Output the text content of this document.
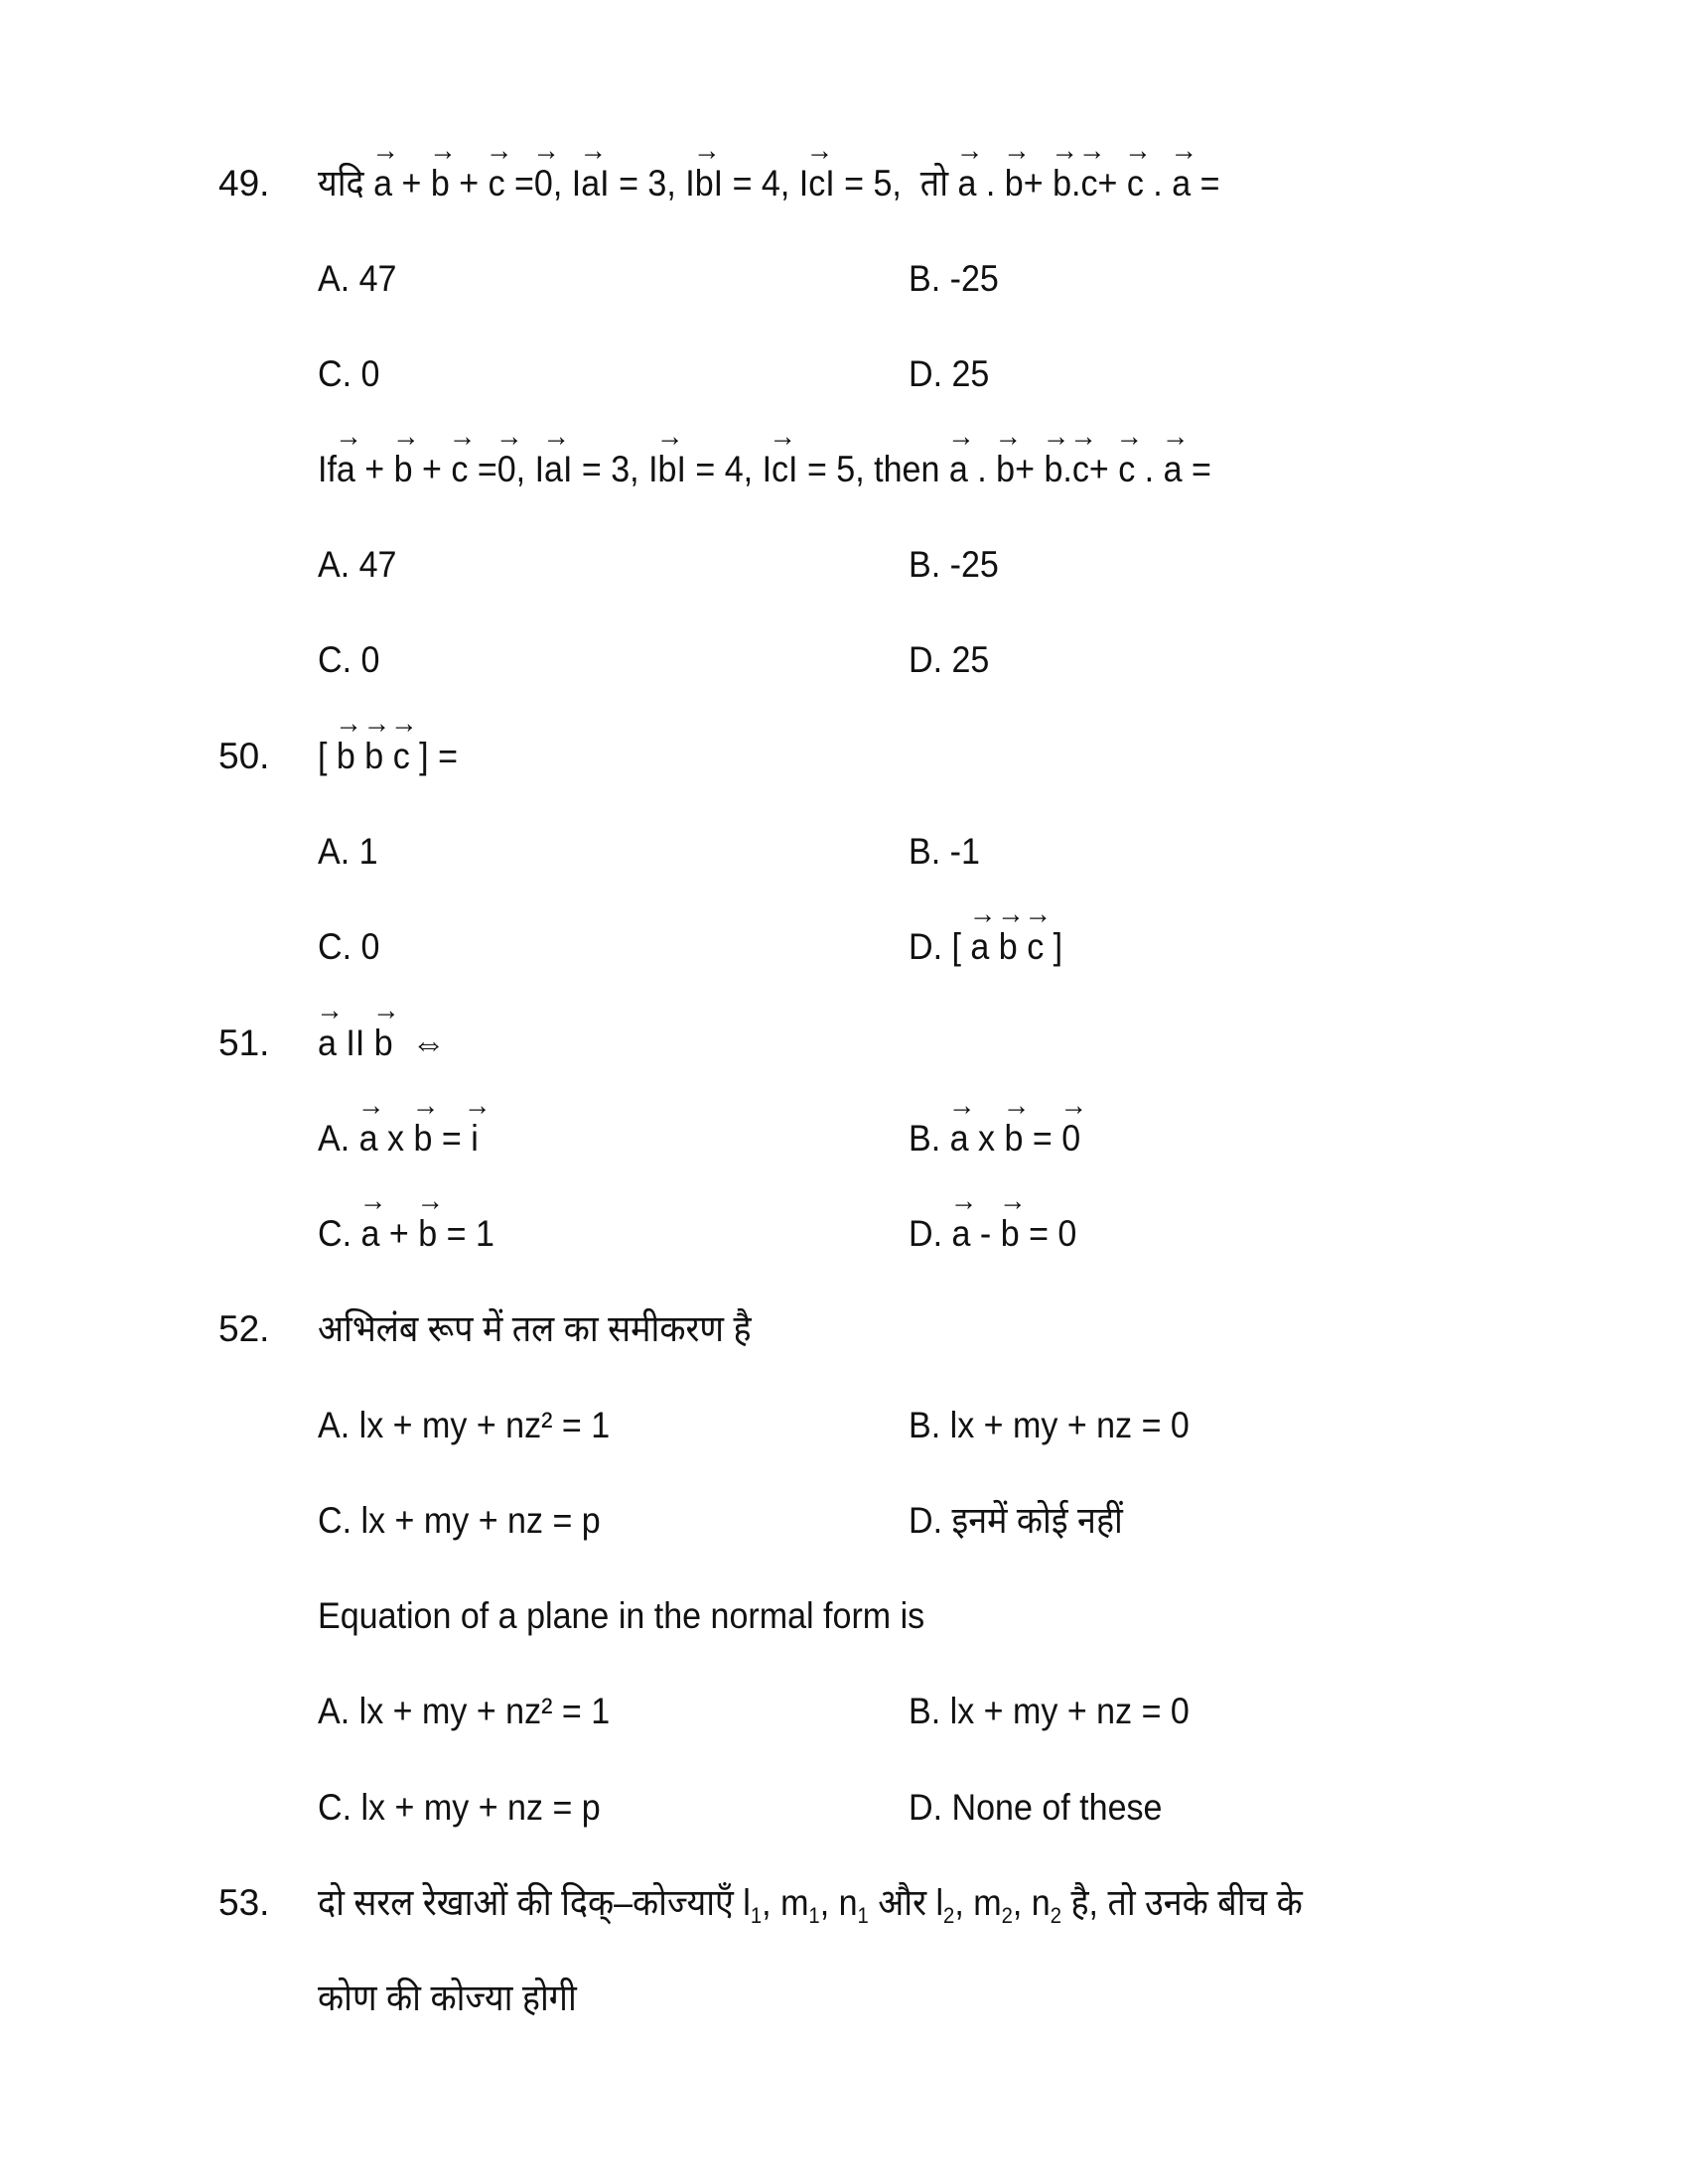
49. यदि → a + → b + → c =→ 0, I→ aI = 3, I→ bI = 4, I→ cI = 5, तो → a . → b+ → b.→ c+ → c . → a =
A. 47	B. -25
C. 0	D. 25
If→ a + → b + → c =→ 0, I→ aI = 3, I→ bI = 4, I→ cI = 5, then → a . → b+ → b.→ c+ → c . → a =
A. 47	B. -25
C. 0	D. 25
50. [ → b → b → c ] =
A. 1	B. -1
C. 0	D. [ → a → b → c ]
51. → a II → b ⇔
A. → a x → b = → i	B. → a x → b = → 0
C. → a + → b = 1	D. → a - → b = 0
52. अभिलंब रूप में तल का समीकरण है
A. lx + my + nz² = 1	B. lx + my + nz = 0
C. lx + my + nz = p	D. इनमें कोई नहीं
Equation of a plane in the normal form is
A. lx + my + nz² = 1	B. lx + my + nz = 0
C. lx + my + nz = p	D. None of these
53. दो सरल रेखाओं की दिक्–कोज्याएँ $l_1$, $m_1$, $n_1$ और $l_2$, $m_2$, $n_2$ है, तो उनके बीच के
कोण की कोज्या होगी
